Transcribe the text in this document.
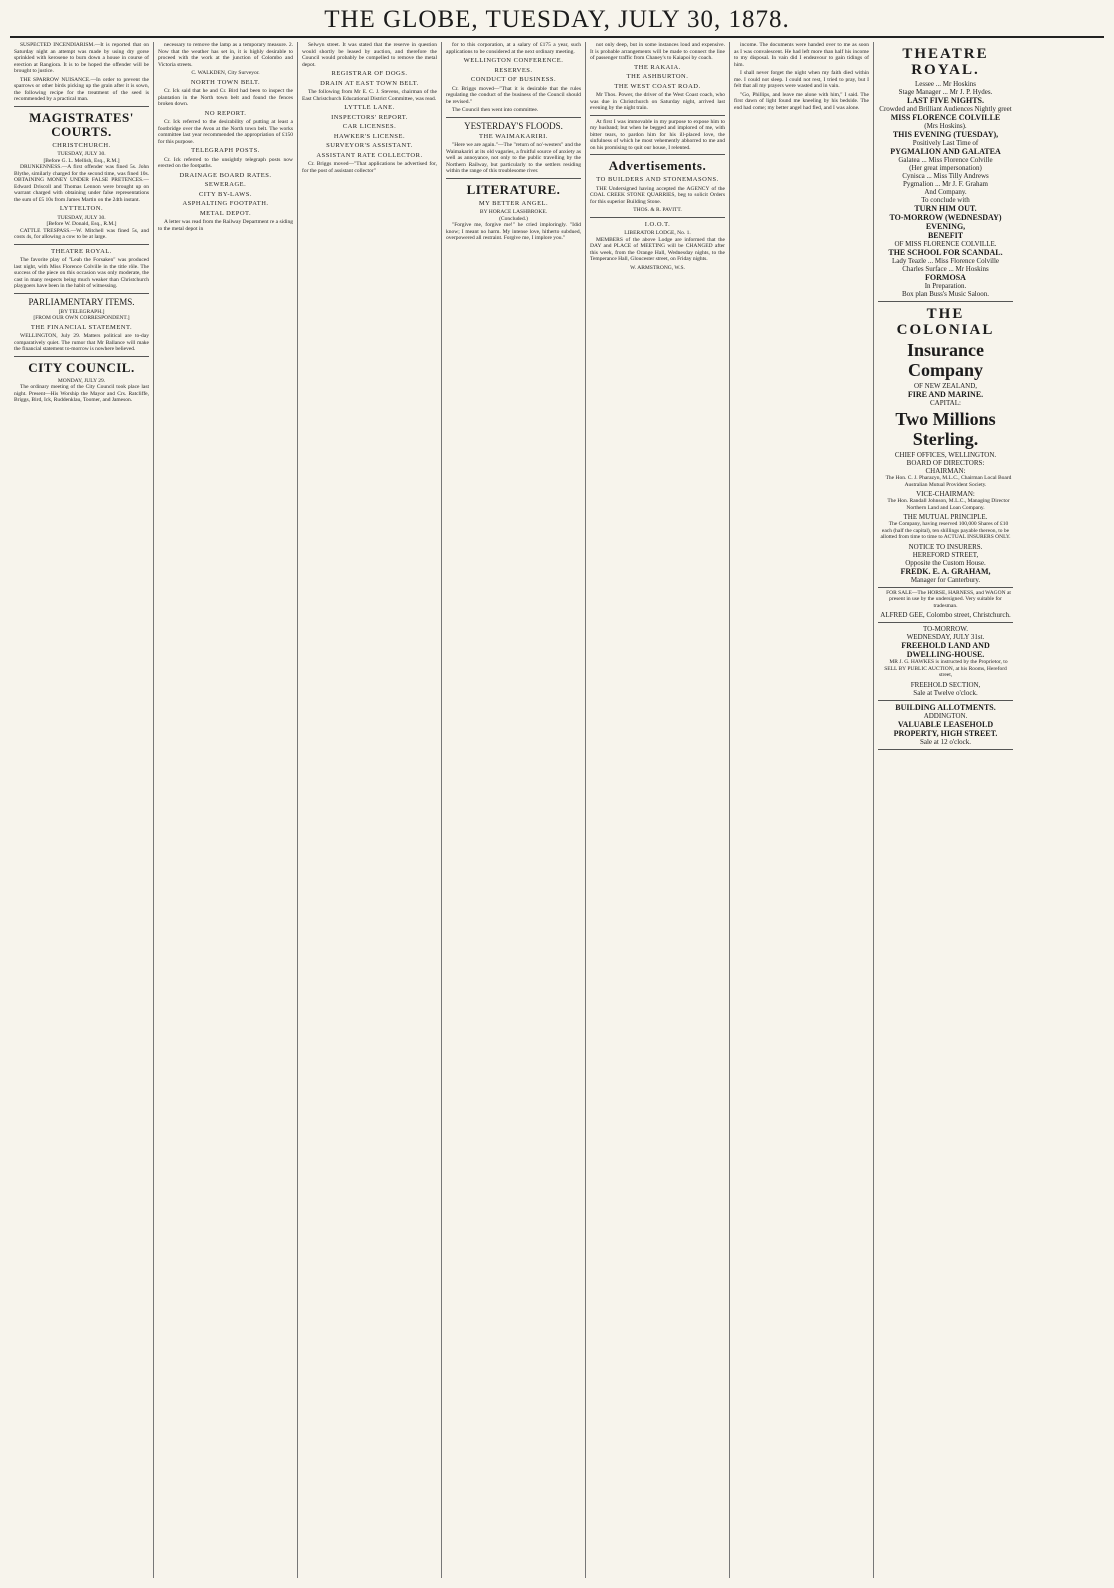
THE GLOBE, TUESDAY, JULY 30, 1878.

SUSPECTED INCENDIARISM.—It is reported that on Saturday night an attempt was made by using dry gorse sprinkled with kerosene to burn down a house in course of erection at Rangiora. It is to be hoped the offender will be brought to justice.

THE SPARROW NUISANCE.—In order to prevent the sparrows or other birds picking up the grain after it is sown, the following recipe for the treatment of the seed is recommended by a practical man.

MAGISTRATES' COURTS.
CHRISTCHURCH.
TUESDAY, JULY 30.
[Before G. L. Mellish, Esq., R.M.]

DRUNKENNESS.—A first offender was fined 5s. John Blythe, similarly charged for the second time, was fined 10s. OBTAINING MONEY UNDER FALSE PRETENCES.—Edward Driscoll and Thomas Lennon were brought up on warrant charged with obtaining under false representations the sum of £5 10s from James Martin on the 24th instant.

LYTTELTON.
TUESDAY, JULY 30.
[Before W. Donald, Esq., R.M.]

CATTLE TRESPASS.—W. Mitchell was fined 5s, and costs 4s, for allowing a cow to be at large.

THEATRE ROYAL.

The favorite play of "Leah the Forsaken" was produced last night, with Miss Florence Colville in the title rôle. The success of the piece on this occasion was only moderate, the cast in many respects being much weaker than Christchurch playgoers have been in the habit of witnessing.

PARLIAMENTARY ITEMS.
[BY TELEGRAPH.]
[FROM OUR OWN CORRESPONDENT.]
THE FINANCIAL STATEMENT.

WELLINGTON, July 29. Matters political are to-day comparatively quiet. The rumor that Mr Ballance will make the financial statement to-morrow is nowhere believed.

CITY COUNCIL.
MONDAY, JULY 29.

The ordinary meeting of the City Council took place last night. Present—His Worship the Mayor and Crs. Ratcliffe, Briggs, Bird, Ick, Ruddenklau, Toomer, and Jameson.

necessary to remove the lamp as a temporary measure. 2. Now that the weather has set in, it is highly desirable to proceed with the work at the junction of Colombo and Victoria streets.

C. WALKDEN, City Surveyor.
NORTH TOWN BELT.

Cr. Ick said that he and Cr. Bird had been to inspect the plantation in the North town belt and found the fences broken down.

NO REPORT.

Cr. Ick referred to the desirability of putting at least a footbridge over the Avon at the North town belt. The works committee last year recommended the appropriation of £150 for this purpose.

TELEGRAPH POSTS.

Cr. Ick referred to the unsightly telegraph posts now erected on the footpaths.

DRAINAGE BOARD RATES.
SEWERAGE.
CITY BY-LAWS.
ASPHALTING FOOTPATH.
METAL DEPOT.

A letter was read from the Railway Department re a siding to the metal depot in

Selwyn street. It was stated that the reserve in question would shortly be leased by auction, and therefore the Council would probably be compelled to remove the metal depot.

REGISTRAR OF DOGS.
DRAIN AT EAST TOWN BELT.

The following from Mr E. C. J. Stevens, chairman of the East Christchurch Educational District Committee, was read.

LYTTLE LANE.
INSPECTORS' REPORT.
CAR LICENSES.
HAWKER'S LICENSE.
SURVEYOR'S ASSISTANT.
ASSISTANT RATE COLLECTOR.

Cr. Briggs moved—"That applications be advertised for, for the post of assistant collector"

for to this corporation, at a salary of £175 a year, such applications to be considered at the next ordinary meeting.

WELLINGTON CONFERENCE.
RESERVES.
CONDUCT OF BUSINESS.

Cr. Briggs moved—"That it is desirable that the rules regulating the conduct of the business of the Council should be revised."

The Council then went into committee.

YESTERDAY'S FLOODS.
THE WAIMAKARIRI.

"Here we are again."—The "return of no'-westers" and the Waimakariri at its old vagaries, a fruitful source of anxiety as well as annoyance, not only to the public travelling by the Northern Railway, but particularly to the settlers residing within the range of this troublesome river.

LITERATURE.
MY BETTER ANGEL.
BY HORACE LASHBROKE.
(Concluded.)

"Forgive me, forgive me!" he cried imploringly. "Idid know; I meant no harm. My intense love, hitherto subdued, overpowered all restraint. Forgive me, I implore you."

not only deep, but in some instances loud and expensive. It is probable arrangements will be made to connect the line of passenger traffic from Chaney's to Kaiapoi by coach.

THE RAKAIA.
THE ASHBURTON.
THE WEST COAST ROAD.

Mr Thos. Power, the driver of the West Coast coach, who was due in Christchurch on Saturday night, arrived last evening by the night train.

At first I was immovable in my purpose to expose him to my husband; but when he begged and implored of me, with bitter tears, to pardon him for his ill-placed love, the sinfulness of which he most vehemently abhorred to me and on his promising to quit our house, I relented.

Advertisements.
TO BUILDERS AND STONEMASONS.

THE Undersigned having accepted the AGENCY of the COAL CREEK STONE QUARRIES, beg to solicit Orders for this superior Building Stone.

THOS. & R. PAVITT.
I.O.O.T.
LIBERATOR LODGE, No. 1.

MEMBERS of the above Lodge are informed that the DAY and PLACE of MEETING will be CHANGED after this week, from the Orange Hall, Wednesday nights, to the Temperance Hall, Gloucester street, on Friday nights.

W. ARMSTRONG, W.S.

income. The documents were handed over to me as soon as I was convalescent. He had left more than half his income to my disposal. In vain did I endeavour to gain tidings of him.

I shall never forget the night when my faith died within me. I could not sleep. I could not rest, I tried to pray, but I felt that all my prayers were wasted and in vain.

"Go, Phillips, and leave me alone with him," I said. The first dawn of light found me kneeling by his bedside. The end had come; my better angel had fled, and I was alone.

THEATRE ROYAL.
Lessee ... Mr Hoskins
Stage Manager ... Mr J. P. Hydes.
LAST FIVE NIGHTS.
Crowded and Brilliant Audiences Nightly greet
MISS FLORENCE COLVILLE
(Mrs Hoskins).
THIS EVENING (TUESDAY),
Positively Last Time of
PYGMALION AND GALATEA
Galatea ... Miss Florence Colville
(Her great impersonation)
Cynisca ... Miss Tilly Andrews
Pygmalion ... Mr J. F. Graham
And Company.
To conclude with
TURN HIM OUT.
TO-MORROW (WEDNESDAY) EVENING,
BENEFIT
OF MISS FLORENCE COLVILLE.
THE SCHOOL FOR SCANDAL.
Lady Teazle ... Miss Florence Colville
Charles Surface ... Mr Hoskins
FORMOSA
In Preparation.
Box plan Buss's Music Saloon.
THE COLONIAL
Insurance Company
OF NEW ZEALAND,
FIRE AND MARINE.
CAPITAL:
Two Millions Sterling.
CHIEF OFFICES, WELLINGTON.
BOARD OF DIRECTORS:
CHAIRMAN:

The Hon. C. J. Pharazyn, M.L.C., Chairman Local Board Australian Mutual Provident Society.

VICE-CHAIRMAN:

The Hon. Randall Johnson, M.L.C., Managing Director Northern Land and Loan Company.

THE MUTUAL PRINCIPLE.

The Company, having reserved 100,000 Shares of £10 each (half the capital), ten shillings payable thereon, to be allotted from time to time to ACTUAL INSURERS ONLY.

NOTICE TO INSURERS.
HEREFORD STREET,
Opposite the Custom House.
FREDK. E. A. GRAHAM,
Manager for Canterbury.

FOR SALE—The HORSE, HARNESS, and WAGON at present in use by the undersigned. Very suitable for tradesman.

ALFRED GEE, Colombo street, Christchurch.
TO-MORROW.
WEDNESDAY, JULY 31st.
FREEHOLD LAND AND DWELLING-HOUSE.

MR J. G. HAWKES is instructed by the Proprietor, to SELL BY PUBLIC AUCTION, at his Rooms, Hereford street,

FREEHOLD SECTION,
Sale at Twelve o'clock.
BUILDING ALLOTMENTS.
ADDINGTON.
VALUABLE LEASEHOLD PROPERTY, HIGH STREET.
Sale at 12 o'clock.
